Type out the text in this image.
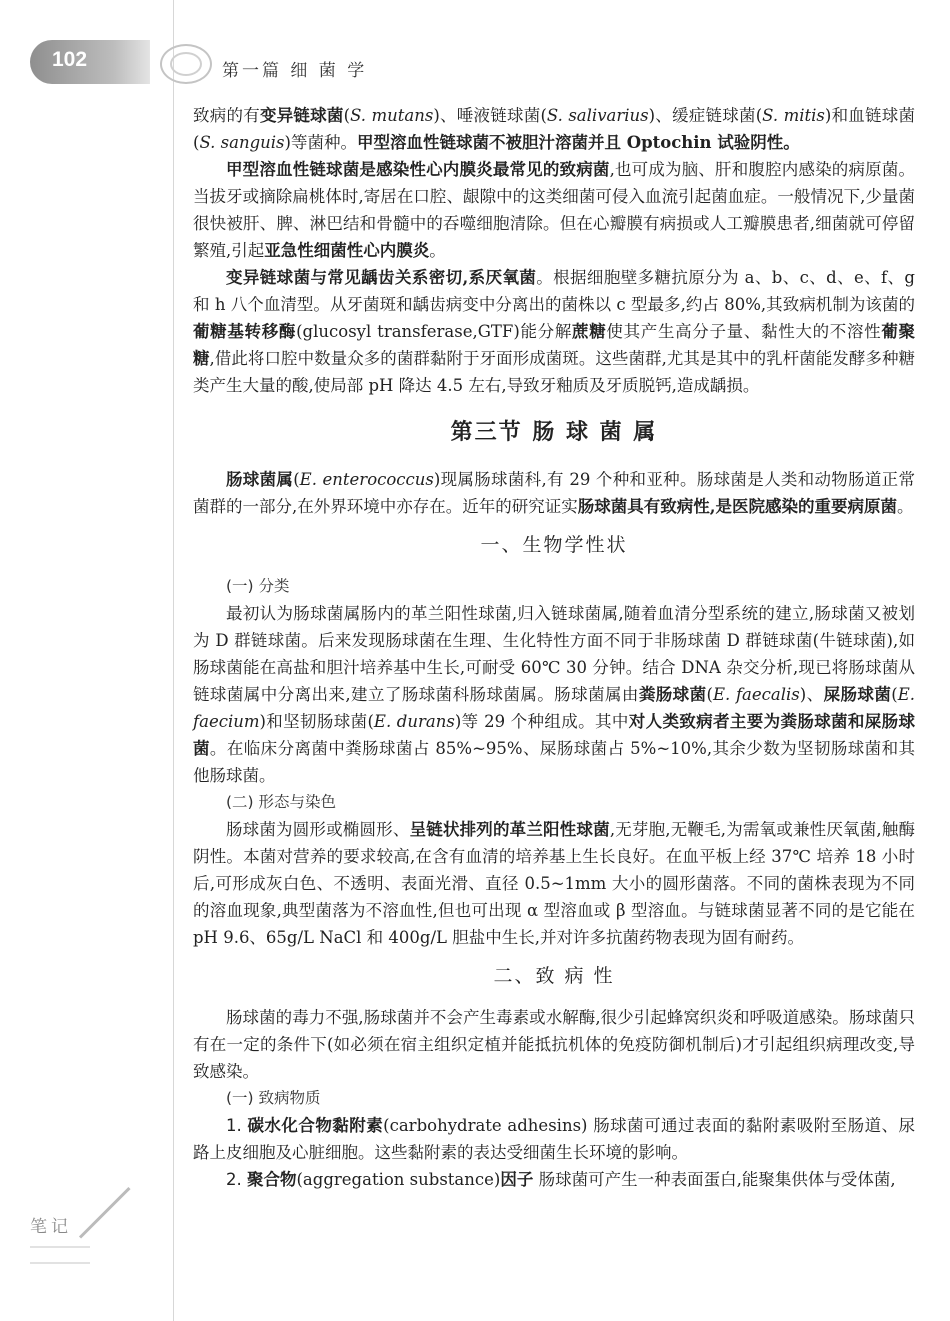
102	第一篇 细 菌 学

致病的有变异链球菌(S. mutans)、唾液链球菌(S. salivarius)、缓症链球菌(S. mitis)和血链球菌(S. sanguis)等菌种。甲型溶血性链球菌不被胆汁溶菌并且 Optochin 试验阴性。

甲型溶血性链球菌是感染性心内膜炎最常见的致病菌,也可成为脑、肝和腹腔内感染的病原菌。当拔牙或摘除扁桃体时,寄居在口腔、龈隙中的这类细菌可侵入血流引起菌血症。一般情况下,少量菌很快被肝、脾、淋巴结和骨髓中的吞噬细胞清除。但在心瓣膜有病损或人工瓣膜患者,细菌就可停留繁殖,引起亚急性细菌性心内膜炎。

变异链球菌与常见龋齿关系密切,系厌氧菌。根据细胞壁多糖抗原分为 a、b、c、d、e、f、g 和 h 八个血清型。从牙菌斑和龋齿病变中分离出的菌株以 c 型最多,约占 80%,其致病机制为该菌的葡糖基转移酶(glucosyl transferase,GTF)能分解蔗糖使其产生高分子量、黏性大的不溶性葡聚糖,借此将口腔中数量众多的菌群黏附于牙面形成菌斑。这些菌群,尤其是其中的乳杆菌能发酵多种糖类产生大量的酸,使局部 pH 降达 4.5 左右,导致牙釉质及牙质脱钙,造成龋损。

第三节 肠 球 菌 属

肠球菌属(E. enterococcus)现属肠球菌科,有 29 个种和亚种。肠球菌是人类和动物肠道正常菌群的一部分,在外界环境中亦存在。近年的研究证实肠球菌具有致病性,是医院感染的重要病原菌。

一、生物学性状
(一) 分类

最初认为肠球菌属肠内的革兰阳性球菌,归入链球菌属,随着血清分型系统的建立,肠球菌又被划为 D 群链球菌。后来发现肠球菌在生理、生化特性方面不同于非肠球菌 D 群链球菌(牛链球菌),如肠球菌能在高盐和胆汁培养基中生长,可耐受 60℃ 30 分钟。结合 DNA 杂交分析,现已将肠球菌从链球菌属中分离出来,建立了肠球菌科肠球菌属。肠球菌属由粪肠球菌(E. faecalis)、屎肠球菌(E. faecium)和坚韧肠球菌(E. durans)等 29 个种组成。其中对人类致病者主要为粪肠球菌和屎肠球菌。在临床分离菌中粪肠球菌占 85%~95%、屎肠球菌占 5%~10%,其余少数为坚韧肠球菌和其他肠球菌。

(二) 形态与染色

肠球菌为圆形或椭圆形、呈链状排列的革兰阳性球菌,无芽胞,无鞭毛,为需氧或兼性厌氧菌,触酶阴性。本菌对营养的要求较高,在含有血清的培养基上生长良好。在血平板上经 37℃ 培养 18 小时后,可形成灰白色、不透明、表面光滑、直径 0.5~1mm 大小的圆形菌落。不同的菌株表现为不同的溶血现象,典型菌落为不溶血性,但也可出现 α 型溶血或 β 型溶血。与链球菌显著不同的是它能在 pH 9.6、65g/L NaCl 和 400g/L 胆盐中生长,并对许多抗菌药物表现为固有耐药。

二、致 病 性

肠球菌的毒力不强,肠球菌并不会产生毒素或水解酶,很少引起蜂窝织炎和呼吸道感染。肠球菌只有在一定的条件下(如必须在宿主组织定植并能抵抗机体的免疫防御机制后)才引起组织病理改变,导致感染。

(一) 致病物质

1. 碳水化合物黏附素(carbohydrate adhesins) 肠球菌可通过表面的黏附素吸附至肠道、尿路上皮细胞及心脏细胞。这些黏附素的表达受细菌生长环境的影响。

2. 聚合物(aggregation substance)因子 肠球菌可产生一种表面蛋白,能聚集供体与受体菌,

笔记
